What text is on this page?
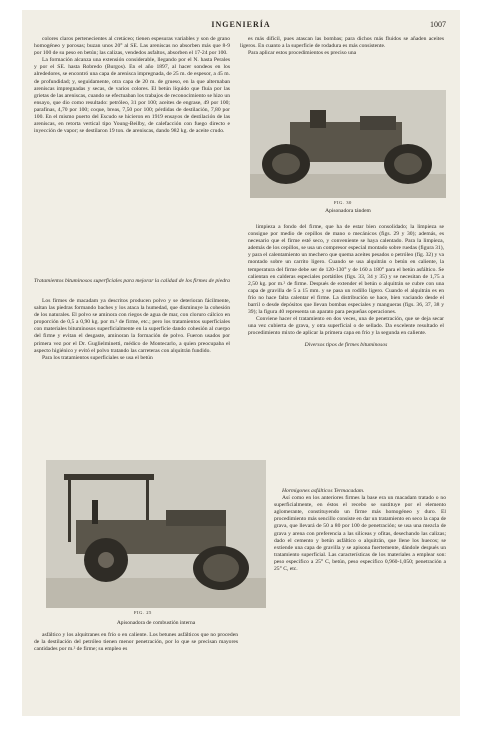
INGENIERÍA	1007

colores claros pertenecientes al cretáceo; tienen espesuras variables y son de grano homogéneo y porosas; buzan unos 20° al SE. Las areniscas no absorben más que 8-9 por 100 de su peso en betún; las calizas, vendedos asfaltos, absorben el 17-24 por 100.

La formación alcanza una extensión considerable, llegando por el N. hasta Perales y por el SE. hasta Robredo (Burgos). En el año 1897, al hacer sondeos en los alrededores, se encontró una capa de arenisca impregnada, de 25 m. de espesor, a 45 m. de profundidad; y, seguidamente, otra capa de 20 m. de grueso, en la que alternaban areniscas impregnadas y secas, de varios colores. El betún líquido que fluía por las grietas de las areniscas, cuando se efectuaban los trabajos de reconocimiento se hizo un ensayo, que dio como resultado: petróleo, 31 por 100; aceites de engrase, 49 por 100; parafinas, 4,70 por 100; coque, breas, 7,50 por 100; pérdidas de destilación, 7,80 por 100. En el mismo puerto del Escudo se hicieron en 1919 ensayos de destilación de las areniscas, en retorta vertical tipo Young-Beilby, de calefacción con fuego directo e inyección de vapor; se destilaron 19 ton. de areniscas, dando 982 kg. de aceite crudo.

Tratamientos bituminosos superficiales para mejorar la calidad de los firmes de piedra

Los firmes de macadam ya descritos producen polvo y se deterioran fácilmente, saltan las piedras formando baches y los ataca la humedad, que disminuye la cohesión de los naturales. El polvo se aminora con riegos de agua de mar, con cloruro cálcico en proporción de 0,5 a 0,90 kg. por m.² de firme, etc.; pero los tratamientos superficiales con materiales bituminosos superficialmente en la superficie dando cohesión al cuerpo del firme y evitan el desgaste, aminoran la formación de polvo. Fueron usados por primera vez por el Dr. Guglielminetti, médico de Montecarlo, a quien preocupaba el aspecto higiénico y evitó el polvo tratando las carreteras con alquitrán fundido.

Para los tratamientos superficiales se usa el betún

FIG. 25
Apisonadora de combustión interna

asfáltico y los alquitranes en frío o en caliente. Los betunes asfálticos que no proceden de la destilación del petróleo tienen menor penetración, por lo que se precisan mayores cantidades por m.² de firme; su empleo es

es más difícil, pues atascan las bombas; para dichos más fluidos se añaden aceites ligeros. En cuanto a la superficie de rodadura es más consistente.

Para aplicar estos procedimientos es preciso una

FIG. 30
Apisonadora tándem

limpieza a fondo del firme, que ha de estar bien consolidado; la limpieza se consigue por medio de cepillos de mano o mecánicos (figs. 29 y 30); además, es necesario que el firme esté seco, y conveniente se haya calentado. Para la limpieza, además de los cepillos, se usa un compresor especial montado sobre ruedas (figura 31), y para el calentamiento un mechero que quema aceites pesados o petróleo (fig. 32) y va montado sobre un carrito ligero. Cuando se usa alquitrán o betún en caliente, la temperatura del firme debe ser de 120-130° y de 160 a 180° para el betún asfáltico. Se calientan en calderas especiales portátiles (figs. 33, 34 y 35) y se necesitan de 1,75 a 2,50 kg. por m.² de firme. Después de extender el betún o alquitrán se cubre con una capa de gravilla de 5 a 15 mm. y se pasa un rodillo ligero. Cuando el alquitrán es en frío no hace falta calentar el firme. La distribución se hace, bien vaciando desde el barril o desde depósitos que llevan bombas especiales y mangueras (figs. 36, 37, 38 y 39); la figura 40 representa un aparato para pequeñas operaciones.

Conviene hacer el tratamiento en dos veces, una de penetración, que se deja secar una vez cubierta de grava, y otra superficial o de sellado. Da excelente resultado el procedimiento mixto de aplicar la primera capa en frío y la segunda en caliente.

Diversos tipos de firmes bituminosos

Hormigones asfálticos Termacadam.

Así como en los anteriores firmes la base era un macadam tratado o no superficialmente, en éstos el recebo se sustituye por el elemento aglomerante, constituyendo un firme más homogéneo y duro. El procedimiento más sencillo consiste en dar un tratamiento en seco la capa de grava, que llevará de 50 a 80 por 100 de penetración; se usa una mezcla de grava y arena con preferencia a las silíceas y ofitas, desechando las calizas; dado el cemento y betún asfáltico o alquitrán, que llene los huecos; se extiende una capa de gravilla y se apisona fuertemente, dándole después un tratamiento superficial. Las características de los materiales a emplear son: peso específico a 25° C, betún, peso específico 0,960-1,050; penetración a 25° C, etc.
